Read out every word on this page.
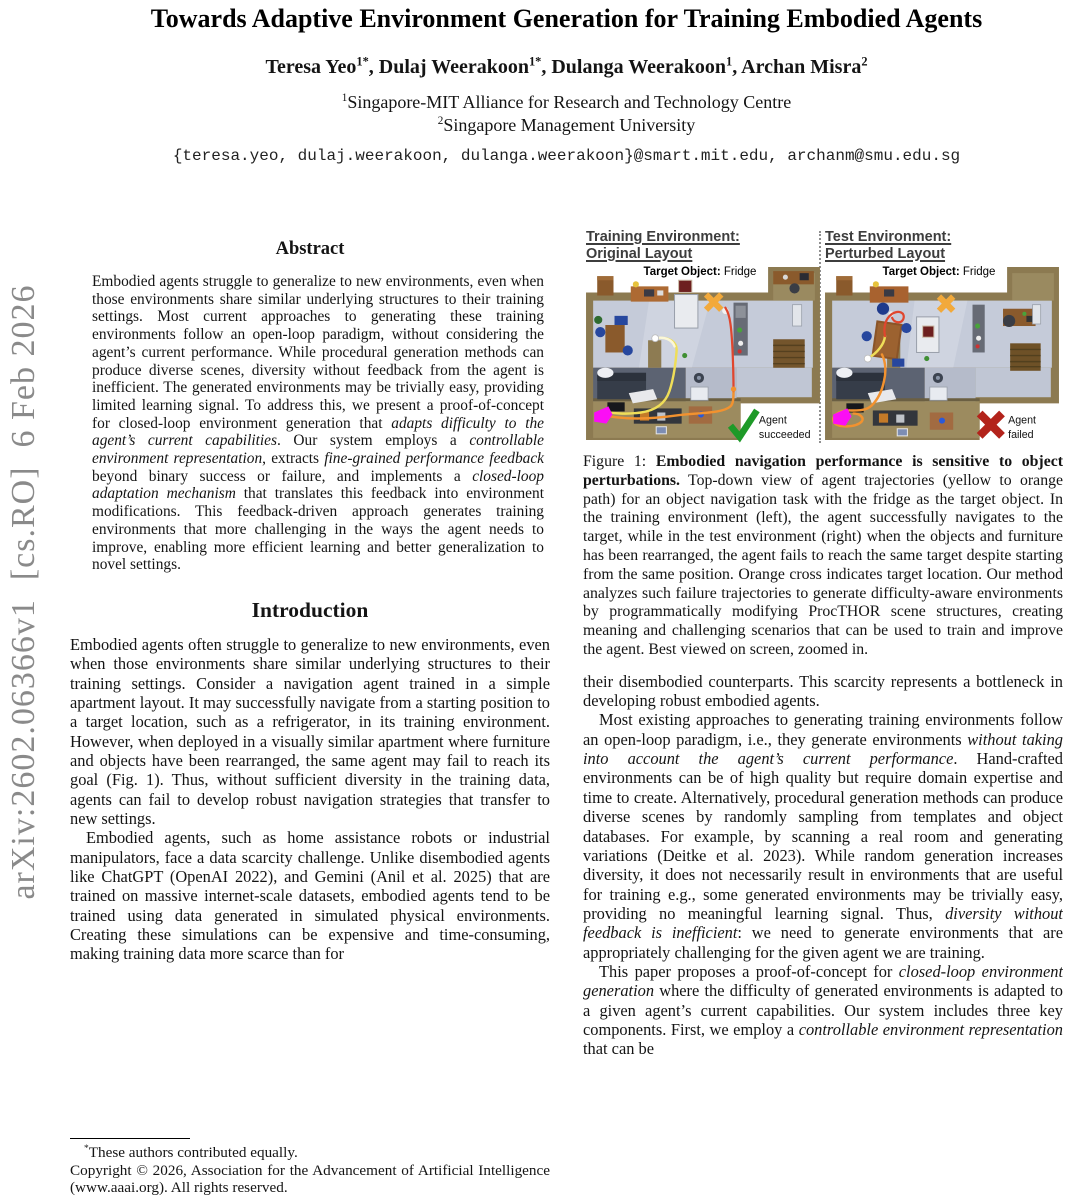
arXiv:2602.06366v1  [cs.RO]  6 Feb 2026
Towards Adaptive Environment Generation for Training Embodied Agents
Teresa Yeo$^{1*}$, Dulaj Weerakoon$^{1*}$, Dulanga Weerakoon$^1$, Archan Misra$^2$
$^1$Singapore-MIT Alliance for Research and Technology Centre
$^2$Singapore Management University
{teresa.yeo, dulaj.weerakoon, dulanga.weerakoon}@smart.mit.edu, archanm@smu.edu.sg
Abstract

Embodied agents struggle to generalize to new environments, even when those environments share similar underlying structures to their training settings. Most current approaches to generating these training environments follow an open-loop paradigm, without considering the agent’s current performance. While procedural generation methods can produce diverse scenes, diversity without feedback from the agent is inefficient. The generated environments may be trivially easy, providing limited learning signal. To address this, we present a proof-of-concept for closed-loop environment generation that adapts difficulty to the agent’s current capabilities. Our system employs a controllable environment representation, extracts fine-grained performance feedback beyond binary success or failure, and implements a closed-loop adaptation mechanism that translates this feedback into environment modifications. This feedback-driven approach generates training environments that more challenging in the ways the agent needs to improve, enabling more efficient learning and better generalization to novel settings.

Introduction

Embodied agents often struggle to generalize to new environments, even when those environments share similar underlying structures to their training settings. Consider a navigation agent trained in a simple apartment layout. It may successfully navigate from a starting position to a target location, such as a refrigerator, in its training environment. However, when deployed in a visually similar apartment where furniture and objects have been rearranged, the same agent may fail to reach its goal (Fig. 1). Thus, without sufficient diversity in the training data, agents can fail to develop robust navigation strategies that transfer to new settings.

Embodied agents, such as home assistance robots or industrial manipulators, face a data scarcity challenge. Unlike disembodied agents like ChatGPT (OpenAI 2022), and Gemini (Anil et al. 2025) that are trained on massive internet-scale datasets, embodied agents tend to be trained using data generated in simulated physical environments. Creating these simulations can be expensive and time-consuming, making training data more scarce than for

*These authors contributed equally.
Copyright © 2026, Association for the Advancement of Artificial Intelligence (www.aaai.org). All rights reserved.
Training Environment:
Original Layout
Target Object: Fridge
Agent
succeeded
Test Environment:
Perturbed Layout
Target Object: Fridge
Agent
failed

Figure 1: Embodied navigation performance is sensitive to object perturbations. Top-down view of agent trajectories (yellow to orange path) for an object navigation task with the fridge as the target object. In the training environment (left), the agent successfully navigates to the target, while in the test environment (right) when the objects and furniture has been rearranged, the agent fails to reach the same target despite starting from the same position. Orange cross indicates target location. Our method analyzes such failure trajectories to generate difficulty-aware environments by programmatically modifying ProcTHOR scene structures, creating meaning and challenging scenarios that can be used to train and improve the agent. Best viewed on screen, zoomed in.

their disembodied counterparts. This scarcity represents a bottleneck in developing robust embodied agents.

Most existing approaches to generating training environments follow an open-loop paradigm, i.e., they generate environments without taking into account the agent’s current performance. Hand-crafted environments can be of high quality but require domain expertise and time to create. Alternatively, procedural generation methods can produce diverse scenes by randomly sampling from templates and object databases. For example, by scanning a real room and generating variations (Deitke et al. 2023). While random generation increases diversity, it does not necessarily result in environments that are useful for training e.g., some generated environments may be trivially easy, providing no meaningful learning signal. Thus, diversity without feedback is inefficient: we need to generate environments that are appropriately challenging for the given agent we are training.

This paper proposes a proof-of-concept for closed-loop environment generation where the difficulty of generated environments is adapted to a given agent’s current capabilities. Our system includes three key components. First, we employ a controllable environment representation that can be
